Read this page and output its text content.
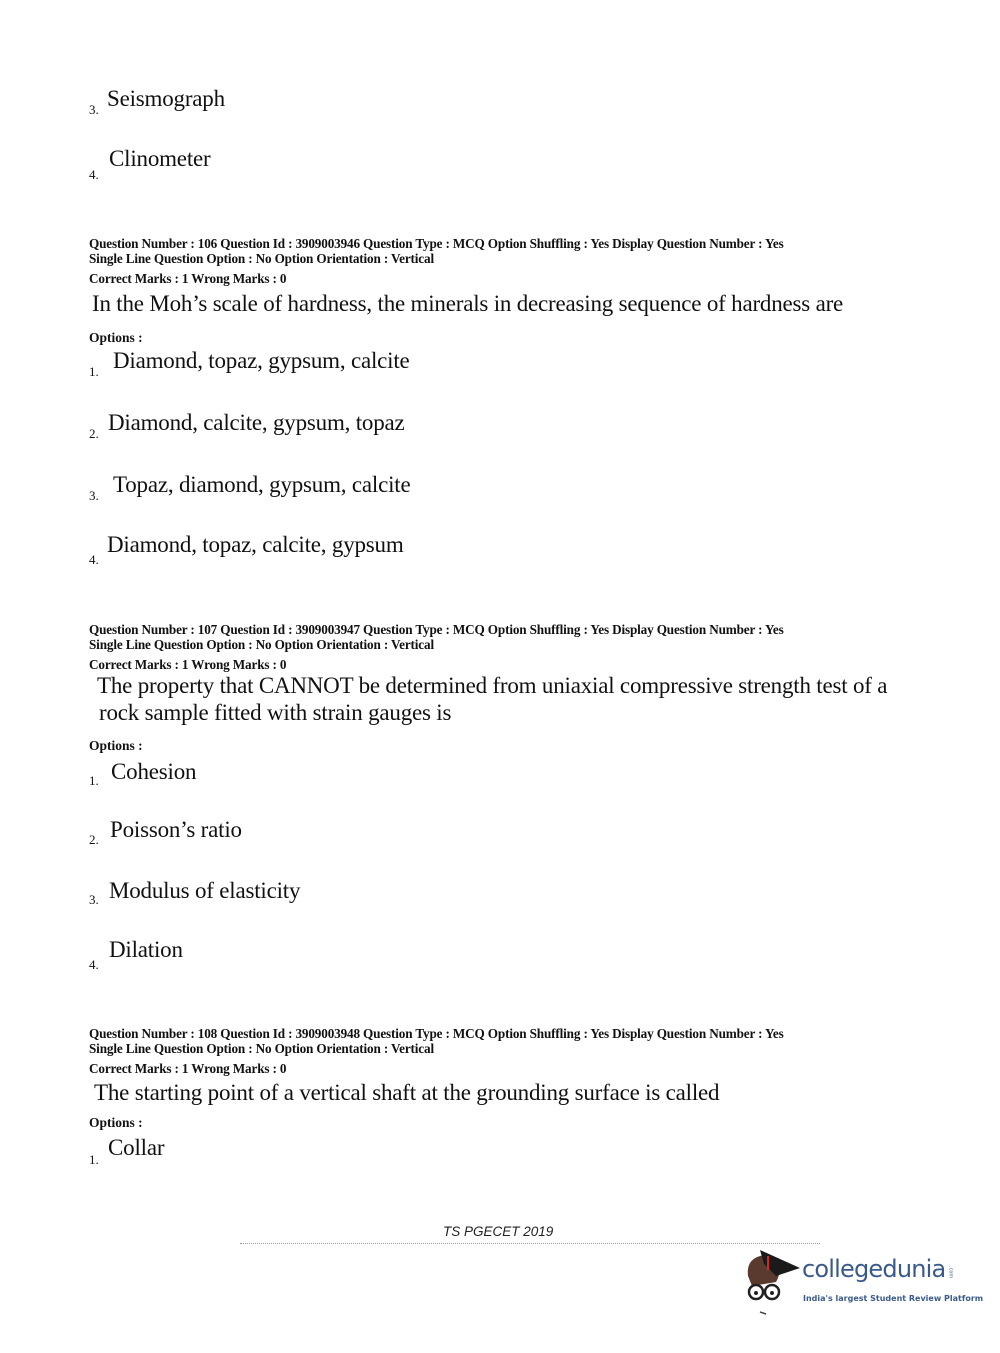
3. Seismograph
4.
Clinometer
Question Number : 106 Question Id : 3909003946 Question Type : MCQ Option Shuffling : Yes Display Question Number : Yes
Single Line Question Option : No Option Orientation : Vertical
Correct Marks : 1 Wrong Marks : 0
In the Moh’s scale of hardness, the minerals in decreasing sequence of hardness are
Options :
1. Diamond, topaz, gypsum, calcite
2. Diamond, calcite, gypsum, topaz
3. Topaz, diamond, gypsum, calcite
4.
Diamond, topaz, calcite, gypsum
Question Number : 107 Question Id : 3909003947 Question Type : MCQ Option Shuffling : Yes Display Question Number : Yes
Single Line Question Option : No Option Orientation : Vertical
Correct Marks : 1 Wrong Marks : 0
The property that CANNOT be determined from uniaxial compressive strength test of a
rock sample fitted with strain gauges is
Options :
1. Cohesion
2. Poisson’s ratio
3. Modulus of elasticity
4.
Dilation
Question Number : 108 Question Id : 3909003948 Question Type : MCQ Option Shuffling : Yes Display Question Number : Yes
Single Line Question Option : No Option Orientation : Vertical
Correct Marks : 1 Wrong Marks : 0
The starting point of a vertical shaft at the grounding surface is called
Options :
1. Collar
TS PGECET 2019
collegedunia .com
India's largest Student Review Platform
